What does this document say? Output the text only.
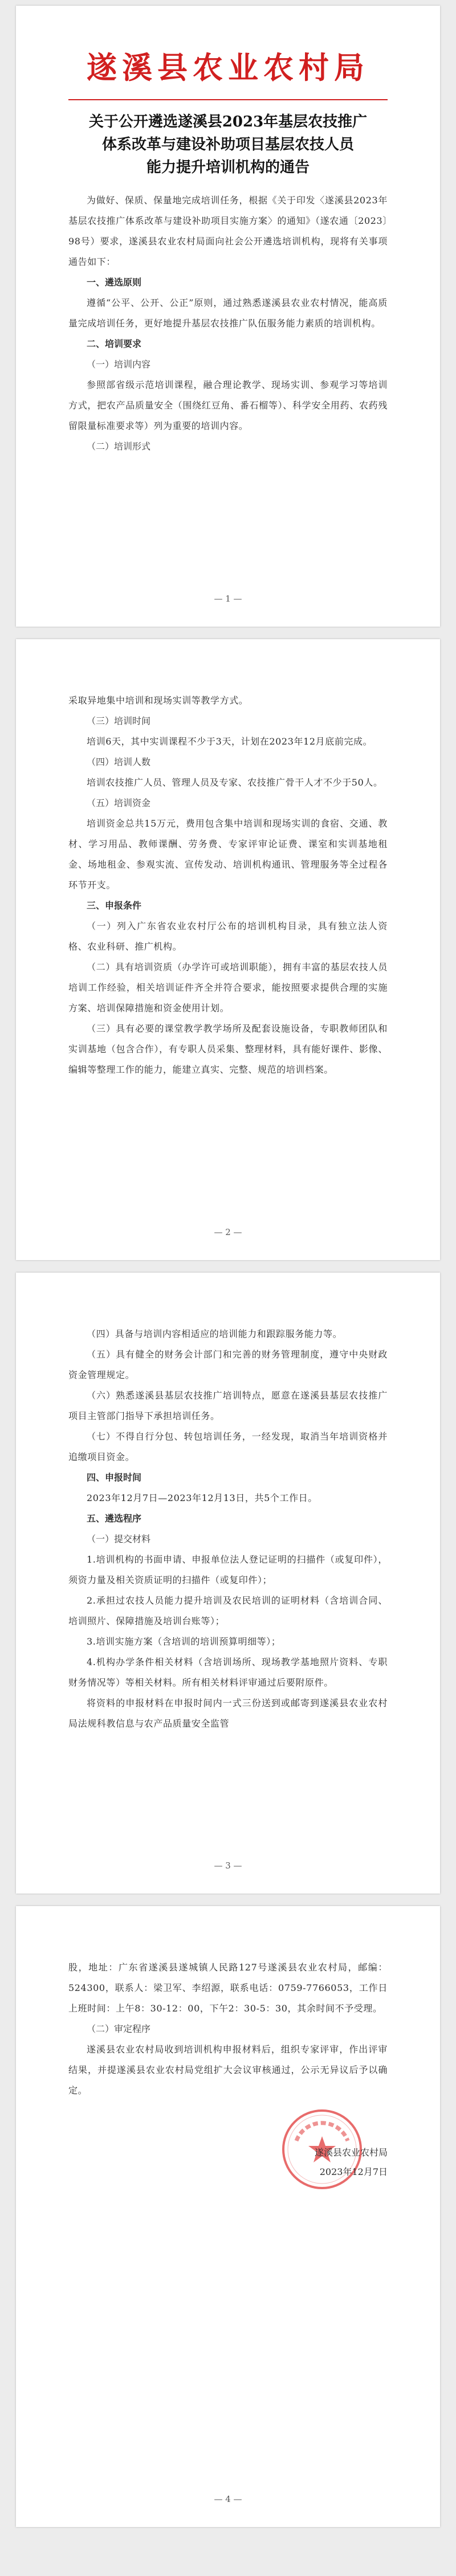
遂溪县农业农村局
关于公开遴选遂溪县2023年基层农技推广
体系改革与建设补助项目基层农技人员
能力提升培训机构的通告

为做好、保质、保量地完成培训任务，根据《关于印发〈遂溪县2023年基层农技推广体系改革与建设补助项目实施方案〉的通知》（遂农通〔2023〕98号）要求，遂溪县农业农村局面向社会公开遴选培训机构，现将有关事项通告如下：

一、遴选原则

遵循“公平、公开、公正”原则，通过熟悉遂溪县农业农村情况，能高质量完成培训任务，更好地提升基层农技推广队伍服务能力素质的培训机构。

二、培训要求

（一）培训内容

参照部省级示范培训课程，融合理论教学、现场实训、参观学习等培训方式，把农产品质量安全（围绕红豆角、番石榴等）、科学安全用药、农药残留限量标准要求等）列为重要的培训内容。

（二）培训形式

— 1 —

采取异地集中培训和现场实训等教学方式。

（三）培训时间

培训6天，其中实训课程不少于3天，计划在2023年12月底前完成。

（四）培训人数

培训农技推广人员、管理人员及专家、农技推广骨干人才不少于50人。

（五）培训资金

培训资金总共15万元，费用包含集中培训和现场实训的食宿、交通、教材、学习用品、教师课酬、劳务费、专家评审论证费、课室和实训基地租金、场地租金、参观实流、宣传发动、培训机构通讯、管理服务等全过程各环节开支。

三、申报条件

（一）列入广东省农业农村厅公布的培训机构目录，具有独立法人资格、农业科研、推广机构。

（二）具有培训资质（办学许可或培训职能），拥有丰富的基层农技人员培训工作经验，相关培训证件齐全并符合要求，能按照要求提供合理的实施方案、培训保障措施和资金使用计划。

（三）具有必要的课堂教学教学场所及配套设施设备，专职教师团队和实训基地（包含合作），有专职人员采集、整理材料，具有能好课件、影像、编辑等整理工作的能力，能建立真实、完整、规范的培训档案。

— 2 —

（四）具备与培训内容相适应的培训能力和跟踪服务能力等。

（五）具有健全的财务会计部门和完善的财务管理制度，遵守中央财政资金管理规定。

（六）熟悉遂溪县基层农技推广培训特点，愿意在遂溪县基层农技推广项目主管部门指导下承担培训任务。

（七）不得自行分包、转包培训任务，一经发现，取消当年培训资格并追缴项目资金。

四、申报时间

2023年12月7日—2023年12月13日，共5个工作日。

五、遴选程序

（一）提交材料

1.培训机构的书面申请、申报单位法人登记证明的扫描件（或复印件），须资力量及相关资质证明的扫描件（或复印件）；

2.承担过农技人员能力提升培训及农民培训的证明材料（含培训合同、培训照片、保障措施及培训台账等）；

3.培训实施方案（含培训的培训预算明细等）；

4.机构办学条件相关材料（含培训场所、现场教学基地照片资料、专职财务情况等）等相关材料。所有相关材料评审通过后要附原件。

将资料的申报材料在申报时间内一式三份送到或邮寄到遂溪县农业农村局法规科教信息与农产品质量安全监管

— 3 —

股，地址：广东省遂溪县遂城镇人民路127号遂溪县农业农村局，邮编：524300，联系人：梁卫军、李绍源，联系电话：0759-7766053，工作日上班时间：上午8：30-12：00，下午2：30-5：30，其余时间不予受理。

（二）审定程序

遂溪县农业农村局收到培训机构申报材料后，组织专家评审，作出评审结果，并提遂溪县农业农村局党组扩大会议审核通过，公示无异议后予以确定。

遂溪县农业农村局
2023年12月7日
— 4 —
